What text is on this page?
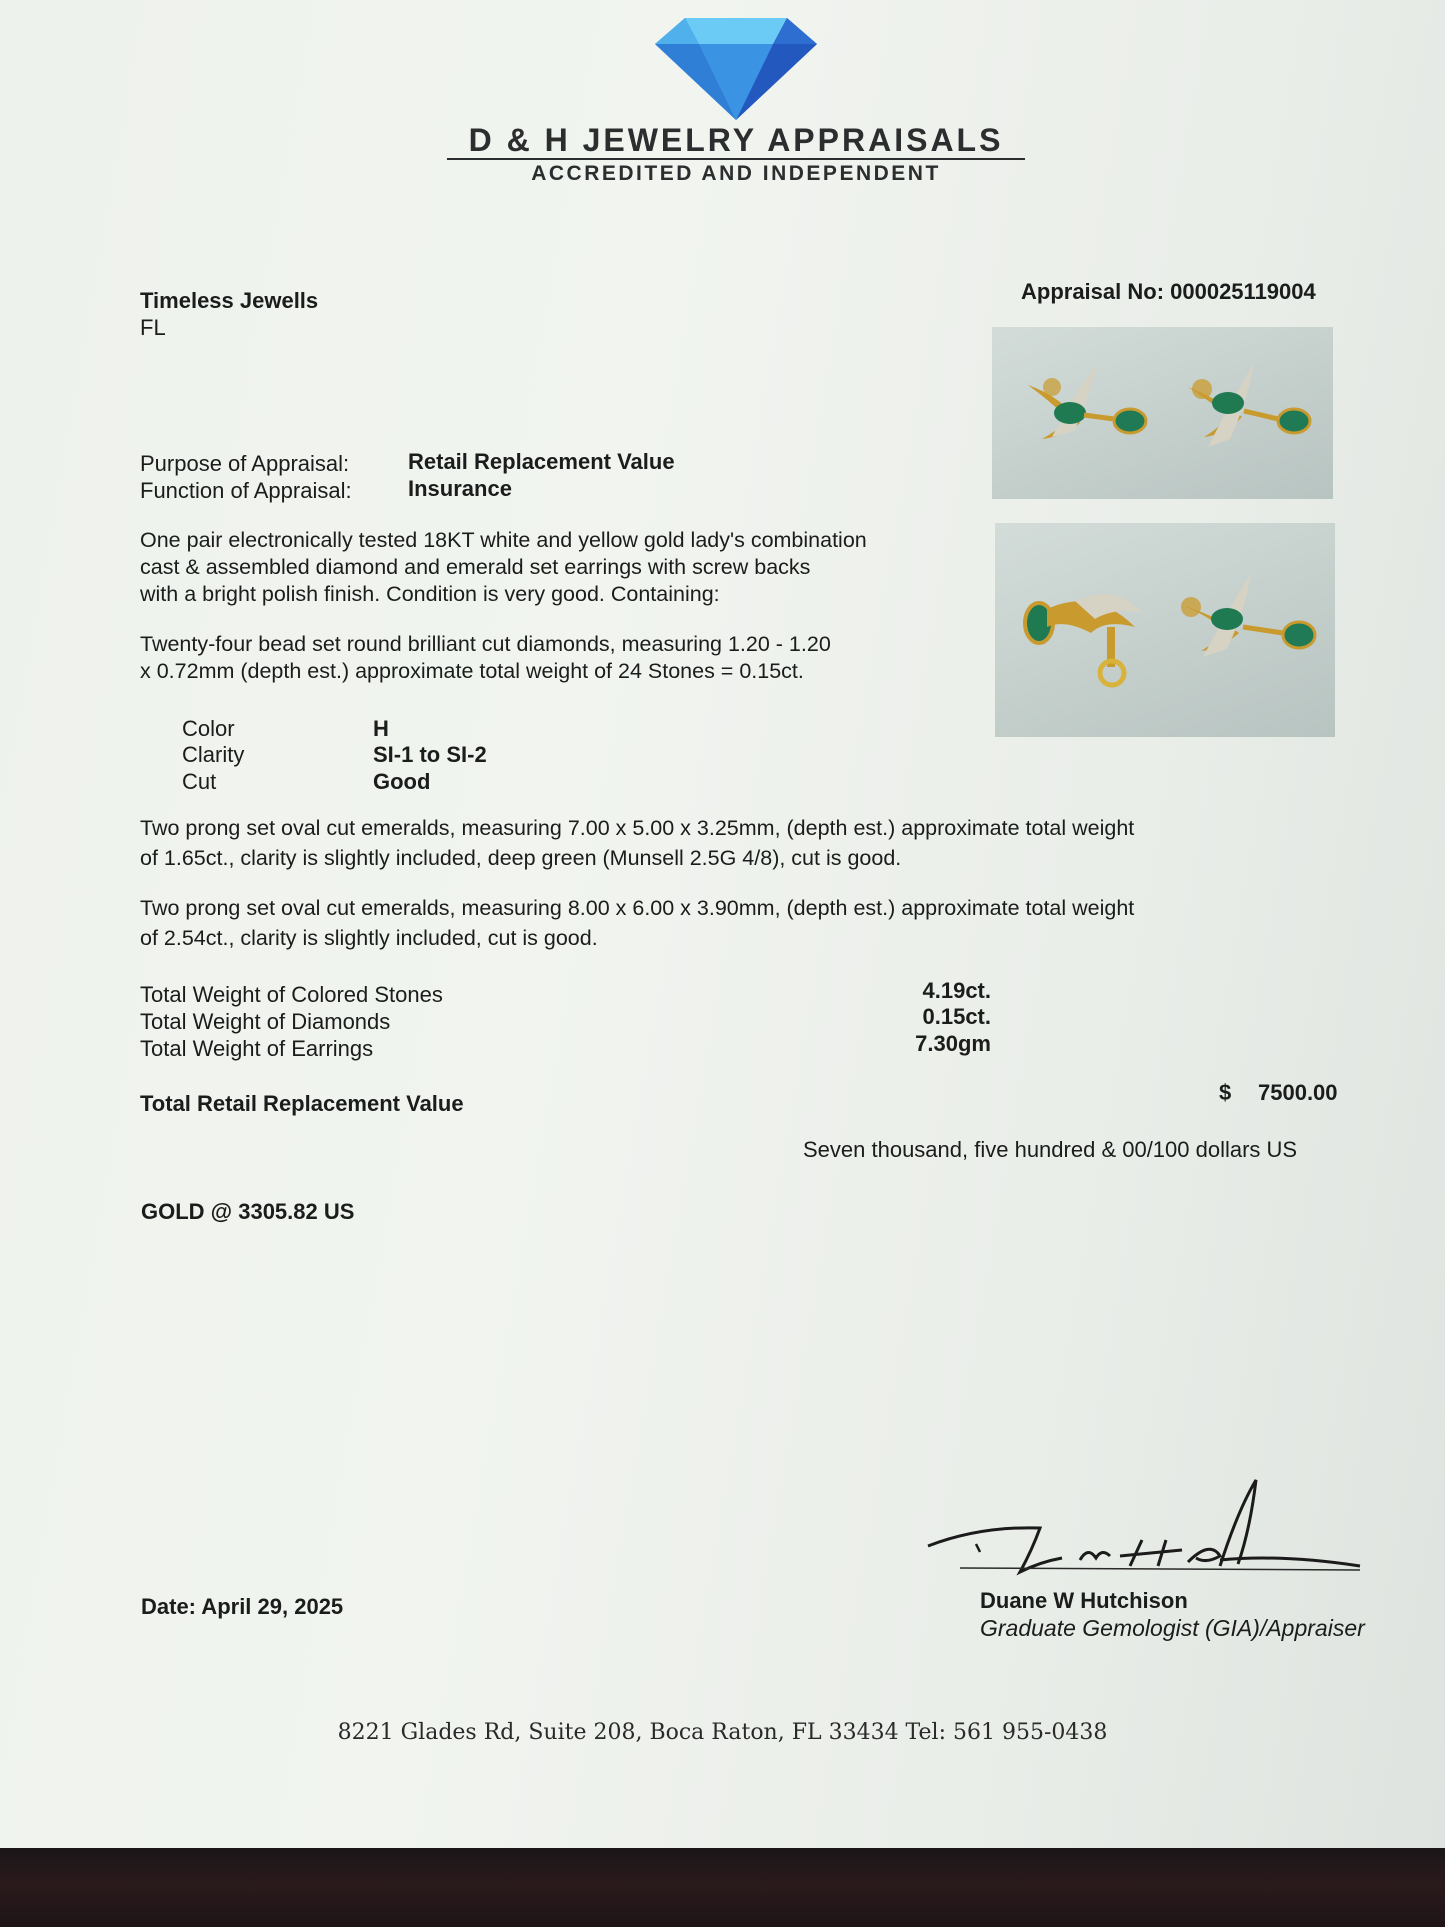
D & H JEWELRY APPRAISALS
ACCREDITED AND INDEPENDENT
Timeless Jewells
FL
Appraisal No: 000025119004
Purpose of Appraisal:	Retail Replacement Value
Function of Appraisal:	Insurance
One pair electronically tested 18KT white and yellow gold lady's combination
cast & assembled diamond and emerald set earrings with screw backs
with a bright polish finish. Condition is very good. Containing:
Twenty-four bead set round brilliant cut diamonds, measuring 1.20 - 1.20
x 0.72mm (depth est.) approximate total weight of 24 Stones = 0.15ct.
Color	H
Clarity	SI-1 to SI-2
Cut	Good
Two prong set oval cut emeralds, measuring 7.00 x 5.00 x 3.25mm, (depth est.) approximate total weight
of 1.65ct., clarity is slightly included, deep green (Munsell 2.5G 4/8), cut is good.
Two prong set oval cut emeralds, measuring 8.00 x 6.00 x 3.90mm, (depth est.) approximate total weight
of 2.54ct., clarity is slightly included, cut is good.
Total Weight of Colored Stones	4.19ct.
Total Weight of Diamonds	0.15ct.
Total Weight of Earrings	7.30gm
Total Retail Replacement Value	$ 7500.00
Seven thousand, five hundred & 00/100 dollars US
GOLD @ 3305.82 US
Date: April 29, 2025	Duane W Hutchison
Graduate Gemologist (GIA)/Appraiser
8221 Glades Rd, Suite 208, Boca Raton, FL 33434 Tel: 561 955-0438
